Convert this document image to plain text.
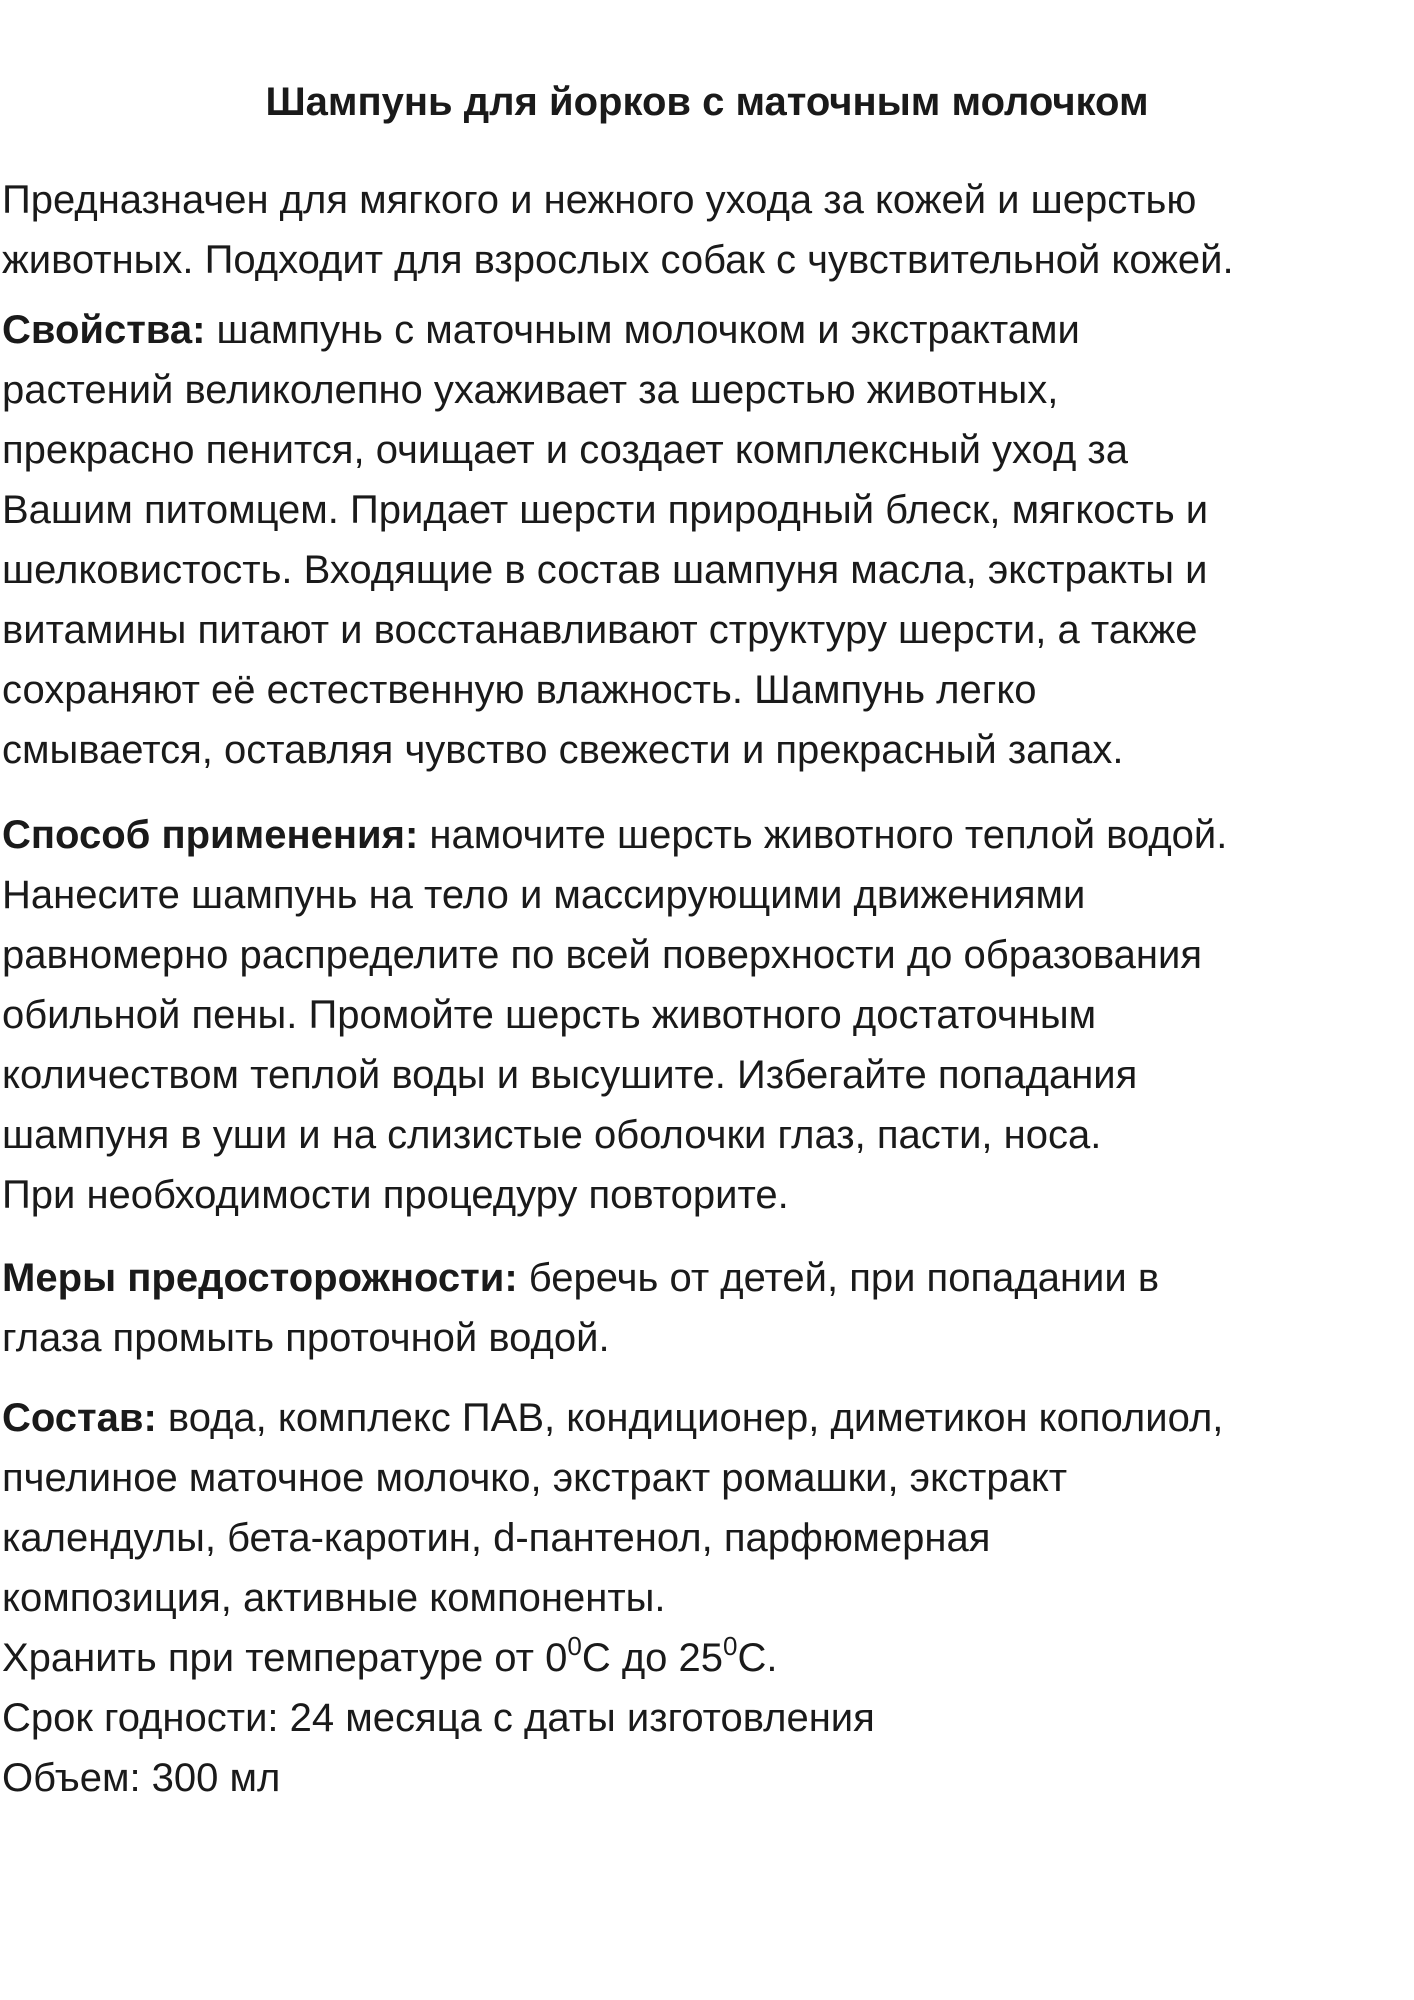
Шампунь для йорков с маточным молочком
Предназначен для мягкого и нежного ухода за кожей и шерстью
животных. Подходит для взрослых собак с чувствительной кожей.
Свойства: шампунь с маточным молочком и экстрактами
растений великолепно ухаживает за шерстью животных,
прекрасно пенится, очищает и создает комплексный уход за
Вашим питомцем. Придает шерсти природный блеск, мягкость и
шелковистость. Входящие в состав шампуня масла, экстракты и
витамины питают и восстанавливают структуру шерсти, а также
сохраняют её естественную влажность. Шампунь легко
смывается, оставляя чувство свежести и прекрасный запах.
Способ применения: намочите шерсть животного теплой водой.
Нанесите шампунь на тело и массирующими движениями
равномерно распределите по всей поверхности до образования
обильной пены. Промойте шерсть животного достаточным
количеством теплой воды и высушите. Избегайте попадания
шампуня в уши и на слизистые оболочки глаз, пасти, носа.
При необходимости процедуру повторите.
Меры предосторожности: беречь от детей, при попадании в
глаза промыть проточной водой.
Состав: вода, комплекс ПАВ, кондиционер, диметикон кополиол,
пчелиное маточное молочко, экстракт ромашки, экстракт
календулы, бета-каротин, d-пантенол, парфюмерная
композиция, активные компоненты.
Хранить при температуре от $0^0С$ до $25^0С$.
Срок годности: 24 месяца с даты изготовления
Объем: 300 мл
